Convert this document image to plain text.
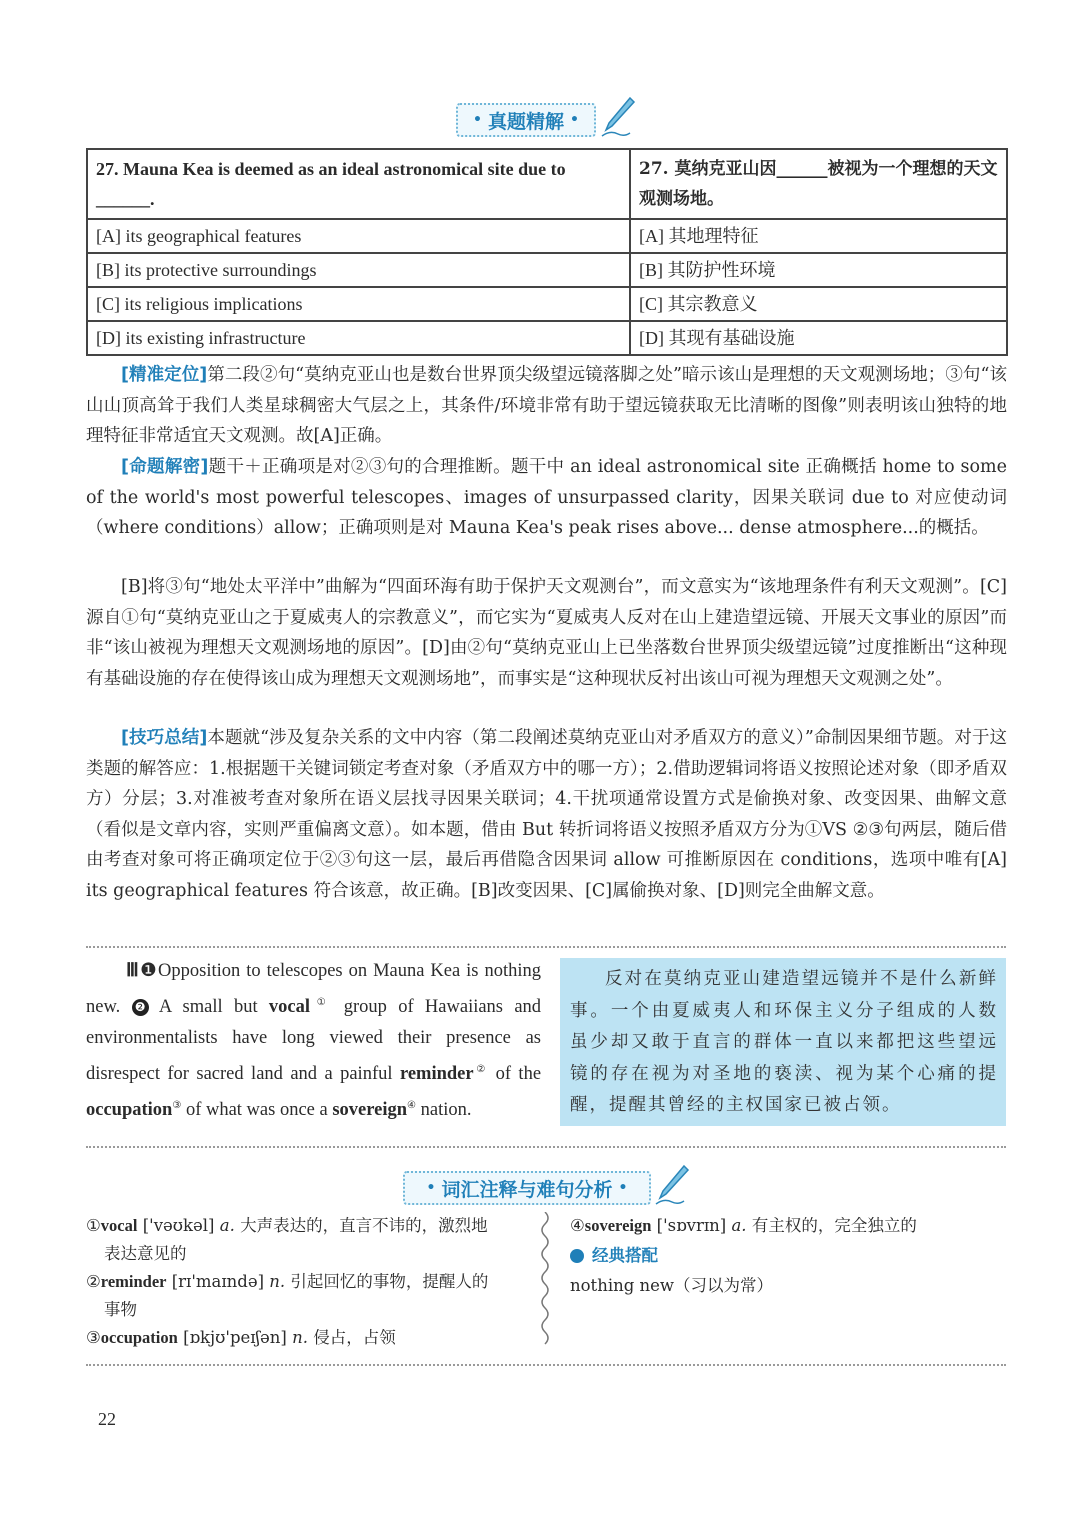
• 真题精解 •
27. Mauna Kea is deemed as an ideal astronomical site due to ______.	27. 莫纳克亚山因______被视为一个理想的天文观测场地。
[A] its geographical features	[A] 其地理特征
[B] its protective surroundings	[B] 其防护性环境
[C] its religious implications	[C] 其宗教意义
[D] its existing infrastructure	[D] 其现有基础设施

[精准定位]第二段②句“莫纳克亚山也是数台世界顶尖级望远镜落脚之处”暗示该山是理想的天文观测场地；③句“该山山顶高耸于我们人类星球稠密大气层之上，其条件/环境非常有助于望远镜获取无比清晰的图像”则表明该山独特的地理特征非常适宜天文观测。故[A]正确。

[命题解密]题干＋正确项是对②③句的合理推断。题干中 an ideal astronomical site 正确概括 home to some of the world's most powerful telescopes、images of unsurpassed clarity，因果关联词 due to 对应使动词（where conditions）allow；正确项则是对 Mauna Kea's peak rises above... dense atmosphere...的概括。

[B]将③句“地处太平洋中”曲解为“四面环海有助于保护天文观测台”，而文意实为“该地理条件有利天文观测”。[C]源自①句“莫纳克亚山之于夏威夷人的宗教意义”，而它实为“夏威夷人反对在山上建造望远镜、开展天文事业的原因”而非“该山被视为理想天文观测场地的原因”。[D]由②句“莫纳克亚山上已坐落数台世界顶尖级望远镜”过度推断出“这种现有基础设施的存在使得该山成为理想天文观测场地”，而事实是“这种现状反衬出该山可视为理想天文观测之处”。

[技巧总结]本题就“涉及复杂关系的文中内容（第二段阐述莫纳克亚山对矛盾双方的意义）”命制因果细节题。对于这类题的解答应：1.根据题干关键词锁定考查对象（矛盾双方中的哪一方）；2.借助逻辑词将语义按照论述对象（即矛盾双方）分层；3.对准被考查对象所在语义层找寻因果关联词；4.干扰项通常设置方式是偷换对象、改变因果、曲解文意（看似是文章内容，实则严重偏离文意）。如本题，借由 But 转折词将语义按照矛盾双方分为①VS ②③句两层，随后借由考查对象可将正确项定位于②③句这一层，最后再借隐含因果词 allow 可推断原因在 conditions，选项中唯有[A] its geographical features 符合该意，故正确。[B]改变因果、[C]属偷换对象、[D]则完全曲解文意。

Ⅲ❶Opposition to telescopes on Mauna Kea is nothing new. ❷ A small but vocal① group of Hawaiians and environmentalists have long viewed their presence as disrespect for sacred land and a painful reminder② of the occupation③ of what was once a sovereign④ nation.

反对在莫纳克亚山建造望远镜并不是什么新鲜事。一个由夏威夷人和环保主义分子组成的人数虽少却又敢于直言的群体一直以来都把这些望远镜的存在视为对圣地的亵渎、视为某个心痛的提醒，提醒其曾经的主权国家已被占领。

• 词汇注释与难句分析 •
①vocal ['vəʊkəl] a. 大声表达的，直言不讳的，激烈地
表达意见的
②reminder [rɪ'maɪndə] n. 引起回忆的事物，提醒人的
事物
③occupation [ɒkjʊ'peɪʃən] n. 侵占，占领
④sovereign ['sɒvrɪn] a. 有主权的，完全独立的
经典搭配
nothing new（习以为常）
22
